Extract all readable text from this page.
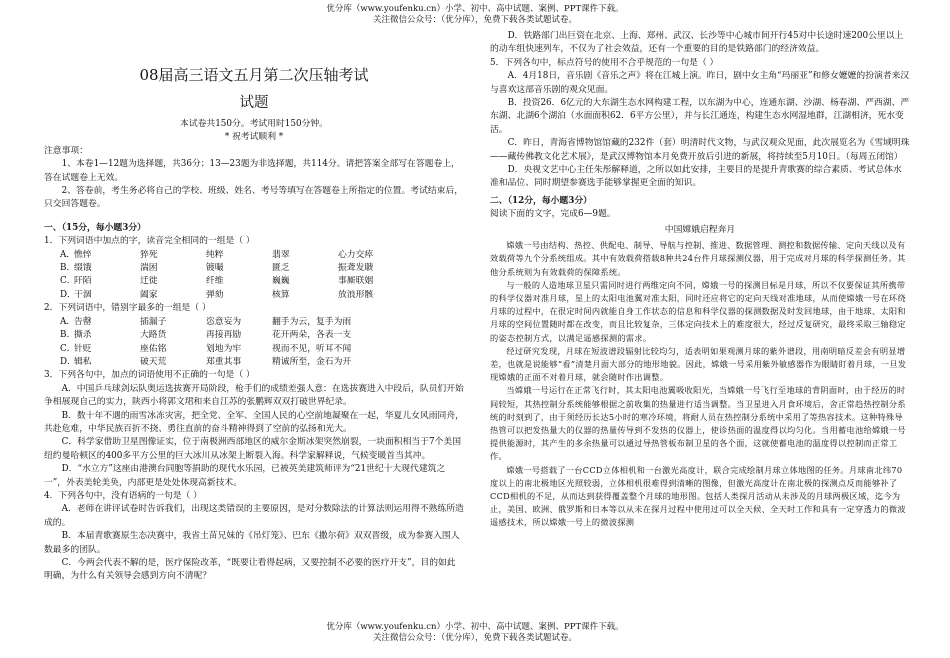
优分库（www.youfenku.cn）小学、初中、高中试题、案例、PPT课件下载。
关注微信公众号：（优分库），免费下载各类试题试卷。
08届高三语文五月第二次压轴考试
试题
本试卷共150分。考试用时150分钟。
* 祝考试顺利 *
注意事项：

1、本卷1—12题为选择题，共36分；13—23题为非选择题，共114分。请把答案全部写在答题卷上，答在试题卷上无效。

2、答卷前，考生务必将自己的学校、班级、姓名、考号等填写在答题卷上所指定的位置。考试结束后，只交回答题卷。

一、（15分，每小题3分）
1．下列词语中加点的字，读音完全相同的一组是（ ）
A．
憔悴	猝死	纯粹	翡翠	心力交瘁
B．
缀饿	湍困	镀嘬	匮乏	振聋发聩
C．
阡陌	迁徙	纤维	巍巍	事厮联姻
D．
干涸	阖家	弹劾	核算	放浪形骸
2．下列词语中，错别字最多的一组是（ ）
A．
告罄	插漏子	恣意妄为	翻手为云，复手为雨
B．
撕杀	大路货	再接再励	花开两朵，各表一支
C．
针贬	座佑铭	划地为牢	视而不见，听耳不闻
D．
辑私	破天荒	郑重其事	精诚所至，金石为开
3．下列各句中，加点的词语使用不正确的一句是（ ）

A．中国乒乓球剑坛队奥运选拔赛开局阶段，枪手们的成绩差强人意：在选拔赛进入中段后，队员们开始争相展现自己的实力，陕西小将郭文珺和来自江苏的张鹏辉双双打破世界纪录。

B．数十年不遇的雨雪冰冻灾害，把全党、全军、全国人民的心空前地凝聚在一起，华夏儿女风雨同舟，共赴危难，中华民族百折不挠、勇往直前的奋斗精神得到了空前的弘扬和光大。

C．科学家借助卫星图像证实，位于南极洲西部地区的威尔金斯冰架突然崩裂，一块面积相当于7个美国纽约曼哈顿区的400多平方公里的巨大冰川从冰架上断裂入海。科学家解释说，气候变暖首当其冲。

D．“水立方”这座由港澳台同胞等捐助的现代水乐园，已被英美建筑师评为“21世纪十大现代建筑之一”，外表美轮美奂，内部更是处处体现高新技术。

4．下列各句中，没有语病的一句是（ ）

A．老师在讲评试卷时告诉我们，出现这类错误的主要原因，是对分数除法的计算法则运用得不熟练所造成的。

B．本届青歌赛原生态决赛中，我省土苗兄妹的《吊灯笼》、巴东《撒尔荷》双双晋级，成为参赛入围人数最多的团队。

C．今两会代表不解的是，医疗保险改革，“既要让看得起病，又要控制不必要的医疗开支”，目的如此明确，为什么有关领导会感到方向不清呢？

D．铁路部门出巨资在北京、上海、郑州、武汉、长沙等中心城市间开行45对中长途时速200公里以上的动车组快速列车，不仅为了社会效益，还有一个重要的目的是铁路部门的经济效益。

5．下列各句中，标点符号的使用不合乎规范的一句是（ ）

A．4月18日，音乐剧《音乐之声》将在江城上演。昨日，剧中女主角“玛丽亚”和修女嬷嬷的扮演者来汉与喜欢这部音乐剧的观众见面。

B．投资26．6亿元的大东湖生态水网构建工程，以东湖为中心，连通东湖、沙湖、杨春湖、严西湖、严东湖、北湖6个湖泊（水面面积62．6平方公里），并与长江通连，构建生态水网湿地群，江湖相济，死水变活。

C．昨日，青海省博物馆馆藏的232件（套）明清时代文物，与武汉观众见面，此次展览名为《雪域明珠——藏传佛教文化艺术展》，是武汉博物馆本月免费开放后引进的新展，将持续至5月10日。（每周五闭馆）

D．央视文艺中心主任朱彤解释道，之所以如此安排，主要目的是提升青歌赛的综合素质、考试总体水准和品位、同时期望参赛选手能够掌握更全面的知识。

二、（12分，每小题3分）
阅读下面的文字，完成6—9题。
中国嫦娥启程奔月

嫦娥一号由结构、热控、供配电、制导、导航与控制、推进、数据管理、测控和数据传输、定向天线以及有效载荷等九个分系统组成。其中有效载荷搭载8种共24台件月球探测仪器，用于完成对月球的科学探测任务。其他分系统则为有效载荷的保障系统。

与一般的人造地球卫星只需同时进行两维定向不同，嫦娥一号的探测目标是月球，所以不仅要保证其所携带的科学仪器对准月球，星上的太阳电池翼对准太阳，同时还应将它的定向天线对准地球，从而使嫦娥一号在环绕月球的过程中，在很定时间内就能自身工作状态的信息和科学仪器的探测数据及时发回地球，由于地球、太阳和月球的空间位置随时都在改变，而且比较复杂，三体定向技术上的难度很大，经过反复研究，最终采取三轴稳定的姿态控制方式，以满足遥感探测的需求。

经过研究发现，月球在短波谱段辐射比较均匀，适表明如果观测月球的紫外谱段，用南明暗反差会有明显增差，也就是说能够“看”清楚月面大部分的地形地貌。因此，嫦娥一号采用紫外敏感器作为眼睛盯着月球，一旦发现嫦娥的正面不对着月球，就会随时作出调整。

当嫦娥一号运行在正常飞行时，其太阳电池翼吸收阳光，当嫦娥一号飞行至地球的背阴面时，由于经历的时间较短，其热控制分系统能够根据之前收集的热量进行适当调整。当卫星进入月食环境后，舍正常趋热控制分系统的时刻到了，由于须经历长达5小时的寒冷环境，将耐人员在热控制分系统中采用了等热容技术。这种特殊导热管可以把发热量大的仪器的热量传导到不发热的仪器上，使诊热面的温度得以均匀化。当用蓄电池给嫦娥一号提供能源时，其产生的多余热量可以通过导热管板布制卫星的各个面，这就使蓄电池的温度得以控制而正常工作。

嫦娥一号搭载了一台CCD立体相机和一台激光高度计，联合完成绘制月球立体地图的任务。月球南北纬70度以上的南北极地区光照较弱，立体相机很难得到清晰的图像，但激光高度计在南北极的探测点反而能够补了CCD相机的不足，从而达到获得覆盖整个月球的地形图。包括人类探月活动从未涉及的月球两极区域，迄今为止，美国、欧洲、俄罗斯和日本等以从未在探月过程中使用过可以全天候、全天时工作和具有一定穿透力的微波遥感技术，所以嫦娥一号上的微波探测

优分库（www.youfenku.cn）小学、初中、高中试题、案例、PPT课件下载。
关注微信公众号：（优分库），免费下载各类试题试卷。
